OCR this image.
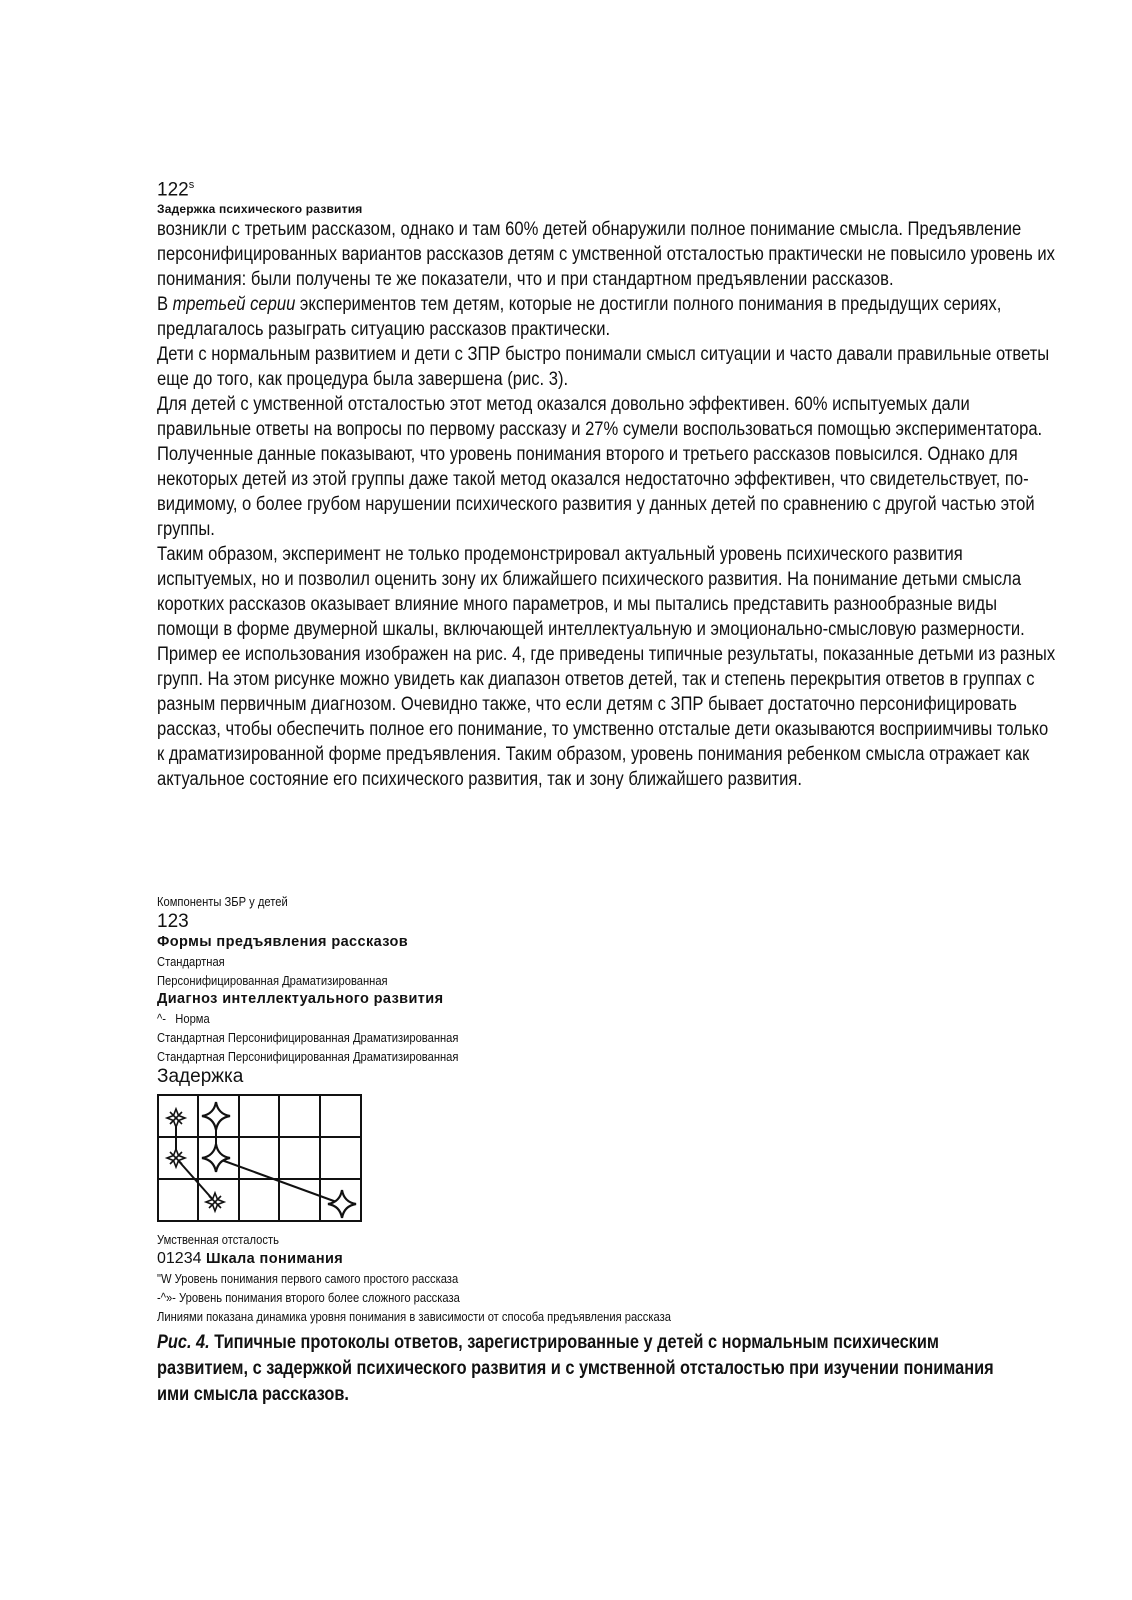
122$^s$
Задержка психического развития

возникли с третьим рассказом, однако и там 60% детей обнаружили полное понимание смысла. Предъявление персонифицированных вариантов рассказов детям с умственной отсталостью практически не повысило уровень их понимания: были получены те же показатели, что и при стандартном предъявлении рассказов.

В третьей серии экспериментов тем детям, которые не достигли полного понимания в предыдущих сериях, предлагалось разыграть ситуацию рассказов практически.

Дети с нормальным развитием и дети с ЗПР быстро понимали смысл ситуации и часто давали правильные ответы еще до того, как процедура была завершена (рис. 3).

Для детей с умственной отсталостью этот метод оказался довольно эффективен. 60% испытуемых дали правильные ответы на вопросы по первому рассказу и 27% сумели воспользоваться помощью экспериментатора. Полученные данные показывают, что уровень понимания второго и третьего рассказов повысился. Однако для некоторых детей из этой группы даже такой метод оказался недостаточно эффективен, что свидетельствует, по-видимому, о более грубом нарушении психического развития у данных детей по сравнению с другой частью этой группы.

Таким образом, эксперимент не только продемонстрировал актуальный уровень психического развития испытуемых, но и позволил оценить зону их ближайшего психического развития. На понимание детьми смысла коротких рассказов оказывает влияние много параметров, и мы пытались представить разнообразные виды помощи в форме двумерной шкалы, включающей интеллектуальную и эмоционально-смысловую размерности.

Пример ее использования изображен на рис. 4, где приведены типичные результаты, показанные детьми из разных групп. На этом рисунке можно увидеть как диапазон ответов детей, так и степень перекрытия ответов в группах с разным первичным диагнозом. Очевидно также, что если детям с ЗПР бывает достаточно персонифицировать рассказ, чтобы обеспечить полное его понимание, то умственно отсталые дети оказываются восприимчивы только к драматизированной форме предъявления. Таким образом, уровень понимания ребенком смысла отражает как актуальное состояние его психического развития, так и зону ближайшего развития.

Компоненты ЗБР у детей
123
Формы предъявления рассказов
Стандартная
Персонифицированная Драматизированная
Диагноз интеллектуального развития
^- Норма
Стандартная Персонифицированная Драматизированная
Стандартная Персонифицированная Драматизированная
Задержка
Умственная отсталость
01234 Шкала понимания
"W Уровень понимания первого самого простого рассказа
-^»- Уровень понимания второго более сложного рассказа
Линиями показана динамика уровня понимания в зависимости от способа предъявления рассказа
Рис. 4. Типичные протоколы ответов, зарегистрированные у детей с нормальным психическим развитием, с задержкой психического развития и с умственной отсталостью при изучении понимания ими смысла рассказов.
